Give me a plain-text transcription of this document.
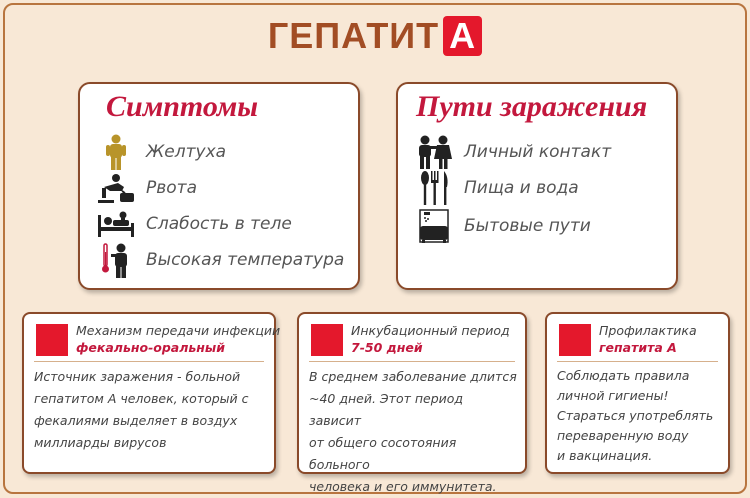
ГЕПАТИТ А
Симптомы
Желтуха
Рвота
Слабость в теле
Высокая температура
Пути заражения
Личный контакт
Пища и вода
Бытовые пути
Механизм передачи инфекции
фекально-оральный
Источник заражения - больной
гепатитом А человек, который с
фекалиями выделяет в воздух
миллиарды вирусов
Инкубационный период
7-50 дней
В среднем заболевание длится
~40 дней. Этот период зависит
от общего сосотояния больного
человека и его иммунитета.
Профилактика
гепатита А
Соблюдать правила
личной гигиены!
Стараться употреблять
переваренную воду
и вакцинация.
